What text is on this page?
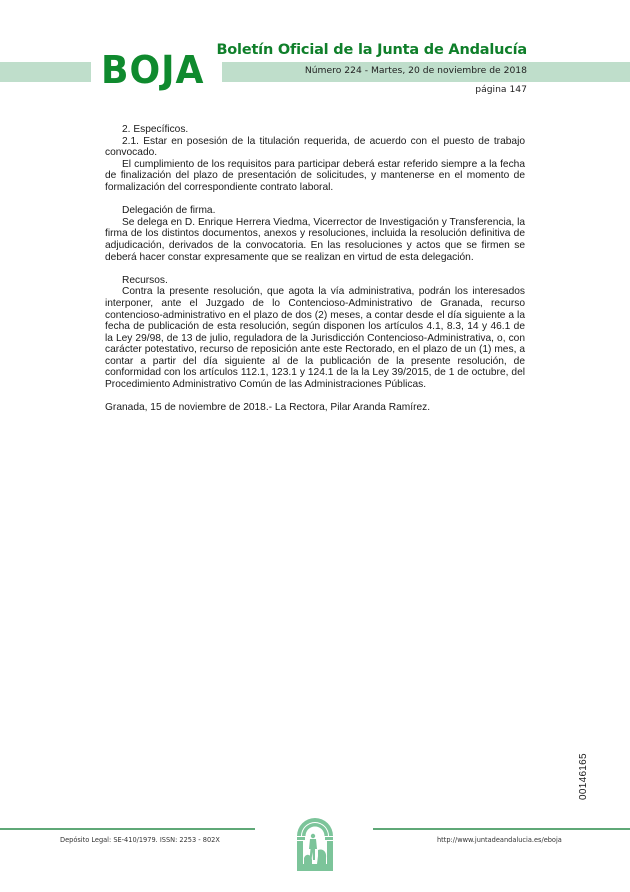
BOJA Boletín Oficial de la Junta de Andalucía
Número 224 - Martes, 20 de noviembre de 2018
página 147

2. Específicos.

2.1. Estar en posesión de la titulación requerida, de acuerdo con el puesto de trabajo convocado.

El cumplimiento de los requisitos para participar deberá estar referido siempre a la fecha de finalización del plazo de presentación de solicitudes, y mantenerse en el momento de formalización del correspondiente contrato laboral.

Delegación de firma.

Se delega en D. Enrique Herrera Viedma, Vicerrector de Investigación y Transferencia, la firma de los distintos documentos, anexos y resoluciones, incluida la resolución definitiva de adjudicación, derivados de la convocatoria. En las resoluciones y actos que se firmen se deberá hacer constar expresamente que se realizan en virtud de esta delegación.

Recursos.

Contra la presente resolución, que agota la vía administrativa, podrán los interesados interponer, ante el Juzgado de lo Contencioso-Administrativo de Granada, recurso contencioso-administrativo en el plazo de dos (2) meses, a contar desde el día siguiente a la fecha de publicación de esta resolución, según disponen los artículos 4.1, 8.3, 14 y 46.1 de la Ley 29/98, de 13 de julio, reguladora de la Jurisdicción Contencioso-Administrativa, o, con carácter potestativo, recurso de reposición ante este Rectorado, en el plazo de un (1) mes, a contar a partir del día siguiente al de la publicación de la presente resolución, de conformidad con los artículos 112.1, 123.1 y 124.1 de la la Ley 39/2015, de 1 de octubre, del Procedimiento Administrativo Común de las Administraciones Públicas.

Granada, 15 de noviembre de 2018.- La Rectora, Pilar Aranda Ramírez.

00146165
Depósito Legal: SE-410/1979. ISSN: 2253 - 802X	http://www.juntadeandalucia.es/eboja
